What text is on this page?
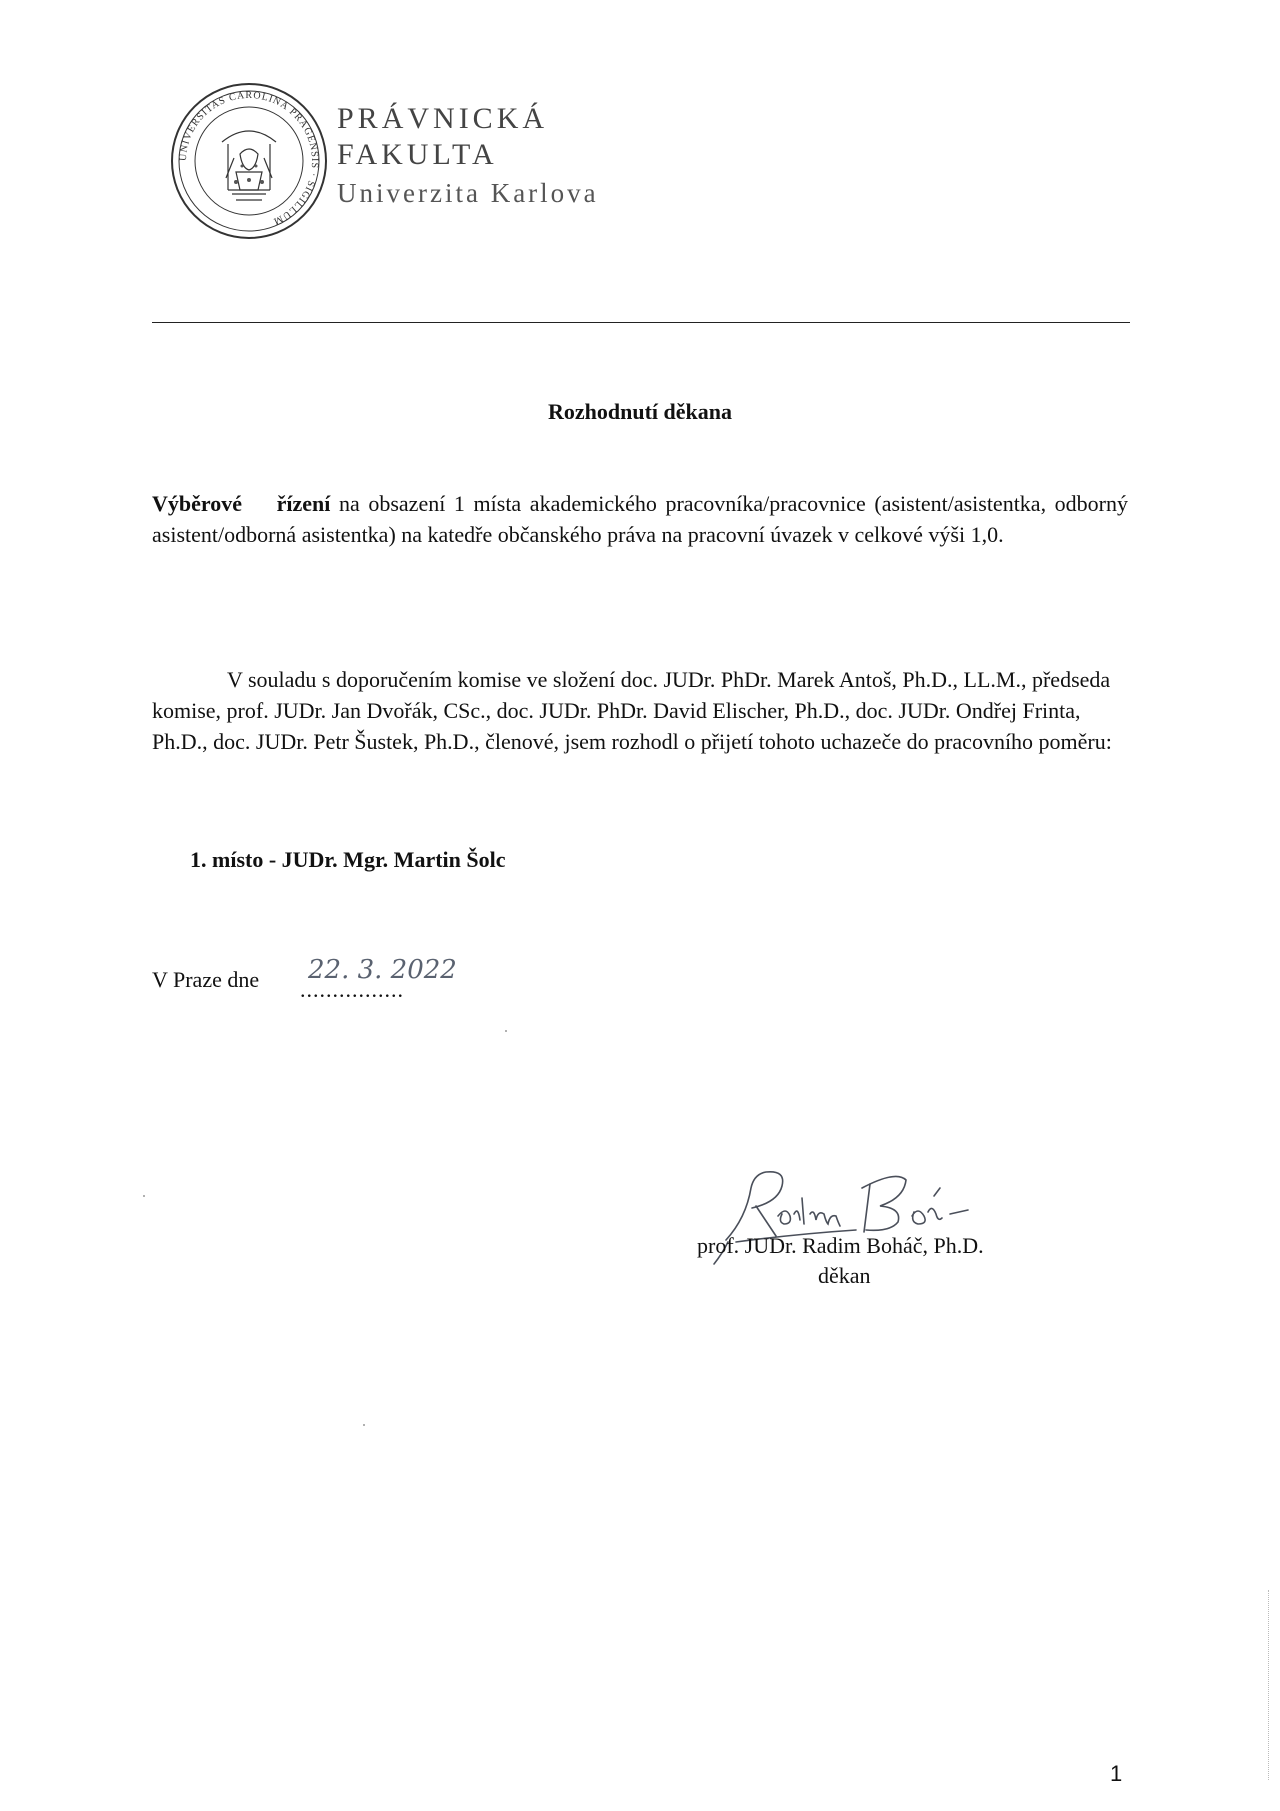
UNIVERSITAS CAROLINA PRAGENSIS · SIGILLUM
PRÁVNICKÁ
FAKULTA
Univerzita Karlova
Rozhodnutí děkana
Výběrové řízení na obsazení 1 místa akademického pracovníka/pracovnice (asistent/asistentka, odborný asistent/odborná asistentka) na katedře občanského práva na pracovní úvazek v celkové výši 1,0.
V souladu s doporučením komise ve složení doc. JUDr. PhDr. Marek Antoš, Ph.D., LL.M., předseda komise, prof. JUDr. Jan Dvořák, CSc., doc. JUDr. PhDr. David Elischer, Ph.D., doc. JUDr. Ondřej Frinta, Ph.D., doc. JUDr. Petr Šustek, Ph.D., členové, jsem rozhodl o přijetí tohoto uchazeče do pracovního poměru:
1. místo - JUDr. Mgr. Martin Šolc
V Praze dne ................
22. 3. 2022
Radim Boháč
prof. JUDr. Radim Boháč, Ph.D.
děkan
1
